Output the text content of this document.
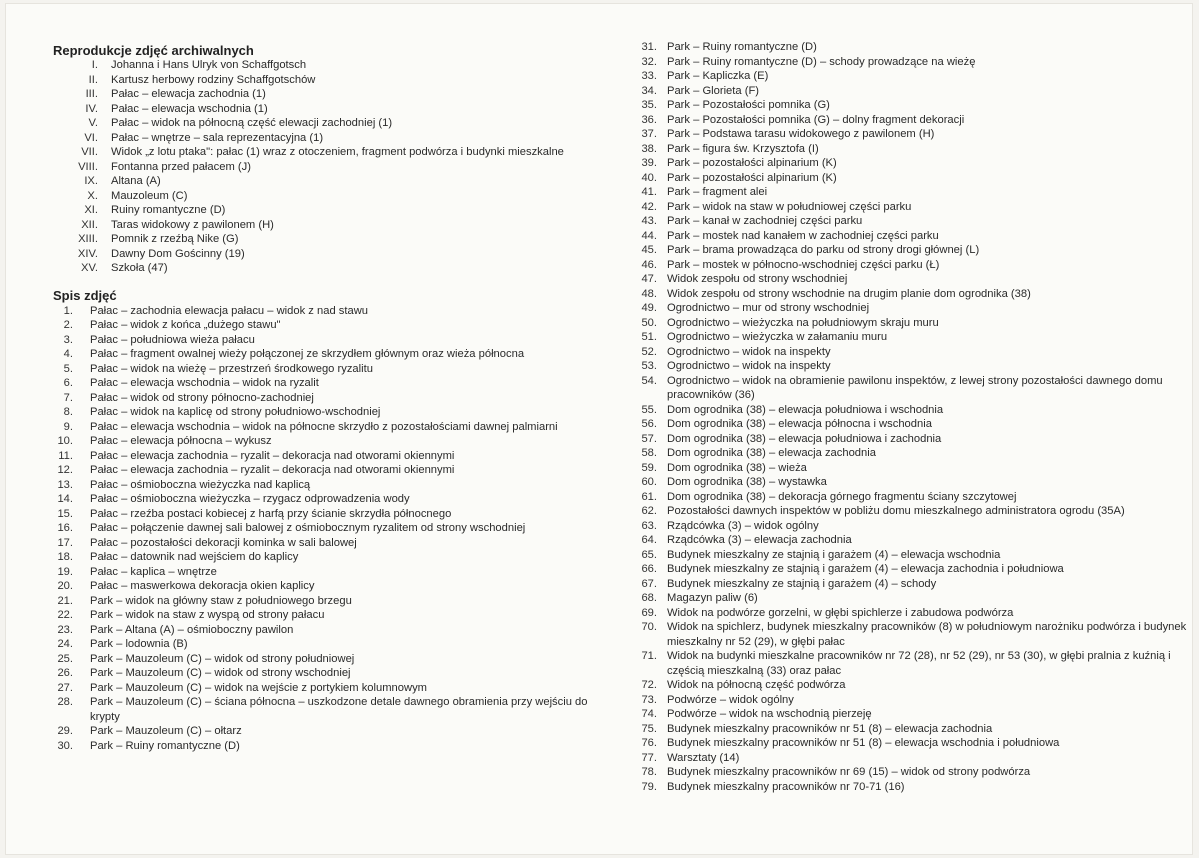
Reprodukcje zdjęć archiwalnych
I.	Johanna i Hans Ulryk von Schaffgotsch
II.	Kartusz herbowy rodziny Schaffgotschów
III.	Pałac – elewacja zachodnia (1)
IV.	Pałac – elewacja wschodnia (1)
V.	Pałac – widok na północną część elewacji zachodniej (1)
VI.	Pałac – wnętrze – sala reprezentacyjna (1)
VII.	Widok „z lotu ptaka": pałac (1) wraz z otoczeniem, fragment podwórza i budynki mieszkalne
VIII.	Fontanna przed pałacem (J)
IX.	Altana (A)
X.	Mauzoleum (C)
XI.	Ruiny romantyczne (D)
XII.	Taras widokowy z pawilonem (H)
XIII.	Pomnik z rzeźbą Nike (G)
XIV.	Dawny Dom Gościnny (19)
XV.	Szkoła (47)
Spis zdjęć
1.	Pałac – zachodnia elewacja pałacu – widok z nad stawu
2.	Pałac – widok z końca „dużego stawu"
3.	Pałac – południowa wieża pałacu
4.	Pałac – fragment owalnej wieży połączonej ze skrzydłem głównym oraz wieża północna
5.	Pałac – widok na wieżę – przestrzeń środkowego ryzalitu
6.	Pałac – elewacja wschodnia – widok na ryzalit
7.	Pałac – widok od strony północno-zachodniej
8.	Pałac – widok na kaplicę od strony południowo-wschodniej
9.	Pałac – elewacja wschodnia – widok na północne skrzydło z pozostałościami dawnej palmiarni
10.	Pałac – elewacja północna – wykusz
11.	Pałac – elewacja zachodnia – ryzalit – dekoracja nad otworami okiennymi
12.	Pałac – elewacja zachodnia – ryzalit – dekoracja nad otworami okiennymi
13.	Pałac – ośmioboczna wieżyczka nad kaplicą
14.	Pałac – ośmioboczna wieżyczka – rzygacz odprowadzenia wody
15.	Pałac – rzeźba postaci kobiecej z harfą przy ścianie skrzydła północnego
16.	Pałac – połączenie dawnej sali balowej z ośmiobocznym ryzalitem od strony wschodniej
17.	Pałac – pozostałości dekoracji kominka w sali balowej
18.	Pałac – datownik nad wejściem do kaplicy
19.	Pałac – kaplica – wnętrze
20.	Pałac – maswerkowa dekoracja okien kaplicy
21.	Park – widok na główny staw z południowego brzegu
22.	Park – widok na staw z wyspą od strony pałacu
23.	Park – Altana (A) – ośmioboczny pawilon
24.	Park – lodownia (B)
25.	Park – Mauzoleum (C) – widok od strony południowej
26.	Park – Mauzoleum (C) – widok od strony wschodniej
27.	Park – Mauzoleum (C) – widok na wejście z portykiem kolumnowym
28.	Park – Mauzoleum (C) – ściana północna – uszkodzone detale dawnego obramienia przy wejściu do krypty
29.	Park – Mauzoleum (C) – ołtarz
30.	Park – Ruiny romantyczne (D)
31. Park – Ruiny romantyczne (D)
32. Park – Ruiny romantyczne (D) – schody prowadzące na wieżę
33. Park – Kapliczka (E)
34. Park – Glorieta (F)
35. Park – Pozostałości pomnika (G)
36. Park – Pozostałości pomnika (G) – dolny fragment dekoracji
37. Park – Podstawa tarasu widokowego z pawilonem (H)
38. Park – figura św. Krzysztofa (I)
39. Park – pozostałości alpinarium (K)
40. Park – pozostałości alpinarium (K)
41. Park – fragment alei
42. Park – widok na staw w południowej części parku
43. Park – kanał w zachodniej części parku
44. Park – mostek nad kanałem w zachodniej części parku
45. Park – brama prowadząca do parku od strony drogi głównej (L)
46. Park – mostek w północno-wschodniej części parku (Ł)
47. Widok zespołu od strony wschodniej
48. Widok zespołu od strony wschodnie na drugim planie dom ogrodnika (38)
49. Ogrodnictwo – mur od strony wschodniej
50. Ogrodnictwo – wieżyczka na południowym skraju muru
51. Ogrodnictwo – wieżyczka w załamaniu muru
52. Ogrodnictwo – widok na inspekty
53. Ogrodnictwo – widok na inspekty
54. Ogrodnictwo – widok na obramienie pawilonu inspektów, z lewej strony pozostałości dawnego domu pracowników (36)
55. Dom ogrodnika (38) – elewacja południowa i wschodnia
56. Dom ogrodnika (38) – elewacja północna i wschodnia
57. Dom ogrodnika (38) – elewacja południowa i zachodnia
58. Dom ogrodnika (38) – elewacja zachodnia
59. Dom ogrodnika (38) – wieża
60. Dom ogrodnika (38) – wystawka
61. Dom ogrodnika (38) – dekoracja górnego fragmentu ściany szczytowej
62. Pozostałości dawnych inspektów w pobliżu domu mieszkalnego administratora ogrodu (35A)
63. Rządcówka (3) – widok ogólny
64. Rządcówka (3) – elewacja zachodnia
65. Budynek mieszkalny ze stajnią i garażem (4) – elewacja wschodnia
66. Budynek mieszkalny ze stajnią i garażem (4) – elewacja zachodnia i południowa
67. Budynek mieszkalny ze stajnią i garażem (4) – schody
68. Magazyn paliw (6)
69. Widok na podwórze gorzelni, w głębi spichlerze i zabudowa podwórza
70. Widok na spichlerz, budynek mieszkalny pracowników (8) w południowym narożniku podwórza i budynek mieszkalny nr 52 (29), w głębi pałac
71. Widok na budynki mieszkalne pracowników nr 72 (28), nr 52 (29), nr 53 (30), w głębi pralnia z kuźnią i częścią mieszkalną (33) oraz pałac
72. Widok na północną część podwórza
73. Podwórze – widok ogólny
74. Podwórze – widok na wschodnią pierzeję
75. Budynek mieszkalny pracowników nr 51 (8) – elewacja zachodnia
76. Budynek mieszkalny pracowników nr 51 (8) – elewacja wschodnia i południowa
77. Warsztaty (14)
78. Budynek mieszkalny pracowników nr 69 (15) – widok od strony podwórza
79. Budynek mieszkalny pracowników nr 70-71 (16)
